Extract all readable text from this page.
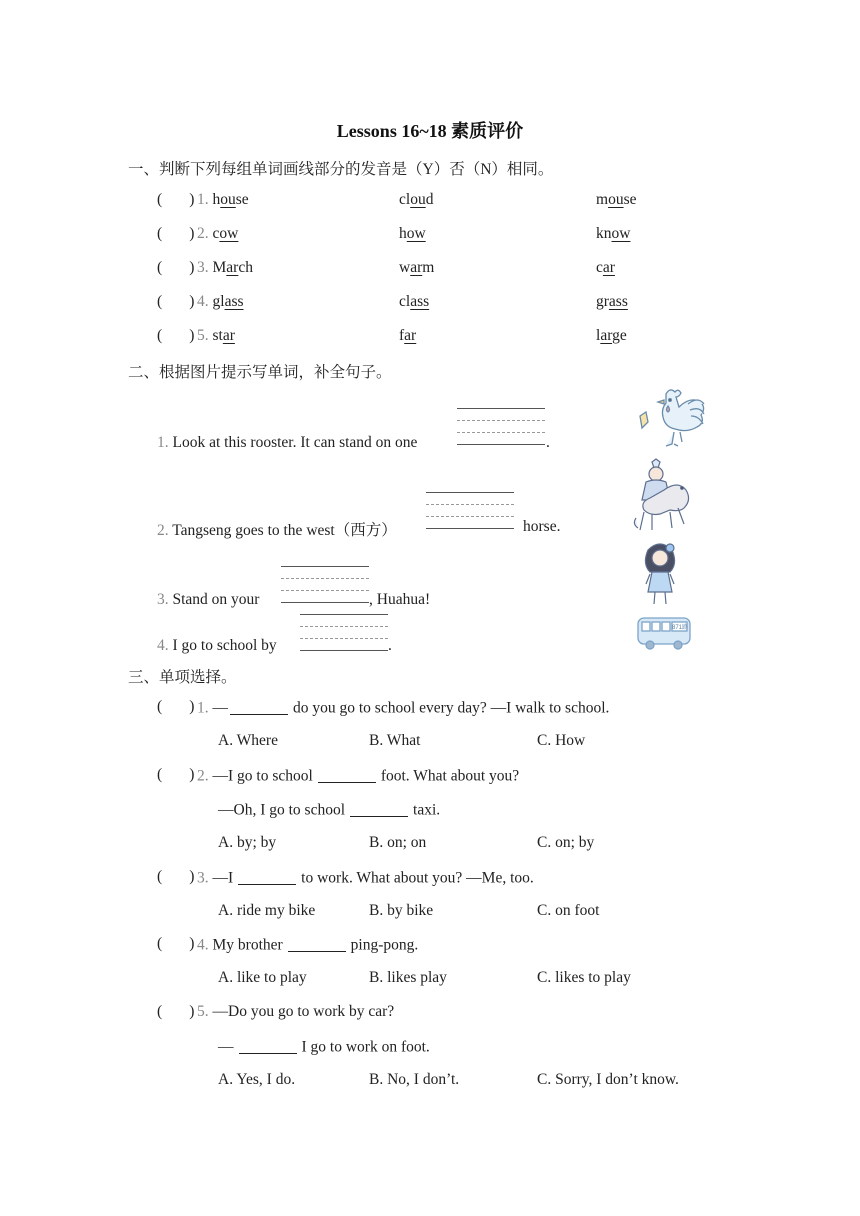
Lessons 16~18 素质评价
一、判断下列每组单词画线部分的发音是（Y）否（N）相同。
(       ) 1. house	cloud	mouse
(       ) 2. cow	how	know
(       ) 3. March	warm	car
(       ) 4. glass	class	grass
(       ) 5. star	far	large
二、根据图片提示写单词，补全句子。
1. Look at this rooster. It can stand on one	.
2. Tangseng goes to the west（西方）	horse.
3. Stand on your	, Huahua!
4. I go to school by	.
871路
三、单项选择。
(       ) 1. —	do you go to school every day? —I walk to school.
A. Where	B. What	C. How
(       ) 2. —I go to school	foot. What about you?
—Oh, I go to school	taxi.
A. by; by	B. on; on	C. on; by
(       ) 3. —I	to work. What about you? —Me, too.
A. ride my bike	B. by bike	C. on foot
(       ) 4. My brother	ping-pong.
A. like to play	B. likes play	C. likes to play
(       ) 5. —Do you go to work by car?
—	I go to work on foot.
A. Yes, I do.	B. No, I don’t.	C. Sorry, I don’t know.
